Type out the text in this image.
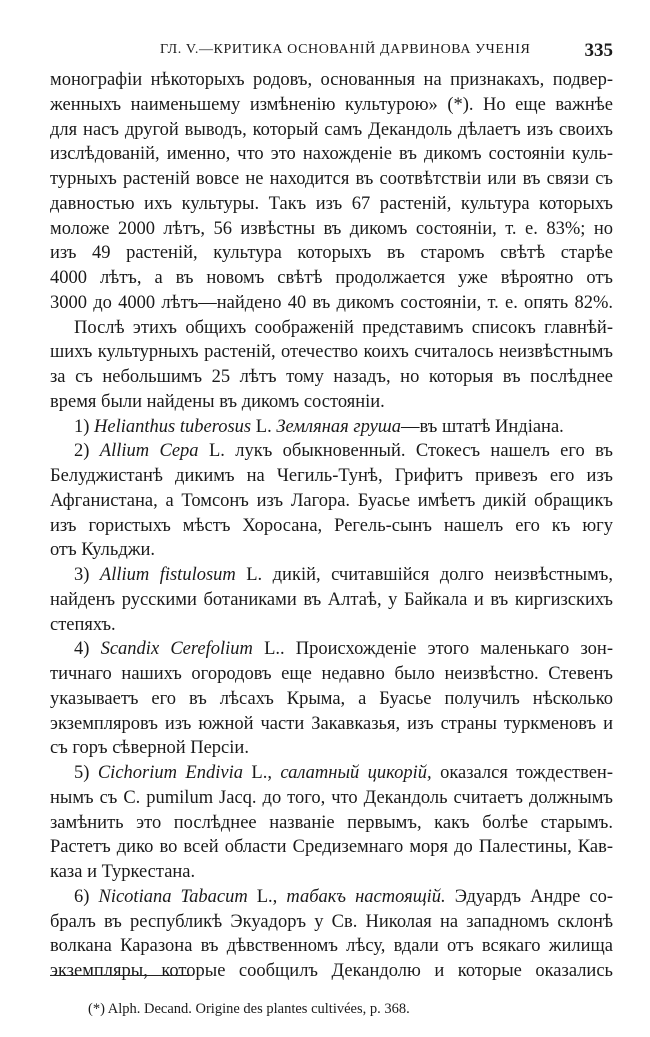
ГЛ. V.—КРИТИКА ОСНОВАНІЙ ДАРВИНОВА УЧЕНІЯ	335
монографіи нѣкоторыхъ родовъ, основанныя на признакахъ, подвер-
женныхъ наименьшему измѣненію культурою» (*). Но еще важнѣе
для насъ другой выводъ, который самъ Декандоль дѣлаетъ изъ своихъ
изслѣдованій, именно, что это нахожденіе въ дикомъ состояніи куль-
турныхъ растеній вовсе не находится въ соотвѣтствіи или въ связи съ
давностью ихъ культуры. Такъ изъ 67 растеній, культура которыхъ
моложе 2000 лѣтъ, 56 извѣстны въ дикомъ состояніи, т. е. 83%; но
изъ 49 растеній, культура которыхъ въ старомъ свѣтѣ старѣе
4000 лѣтъ, а въ новомъ свѣтѣ продолжается уже вѣроятно отъ
3000 до 4000 лѣтъ—найдено 40 въ дикомъ состояніи, т. е. опять 82%.
Послѣ этихъ общихъ соображеній представимъ списокъ главнѣй-
шихъ культурныхъ растеній, отечество коихъ считалось неизвѣстнымъ
за съ небольшимъ 25 лѣтъ тому назадъ, но которыя въ послѣднее
время были найдены въ дикомъ состояніи.
1) Helianthus tuberosus L. Земляная груша—въ штатѣ Индіана.
2) Allium Cepa L. лукъ обыкновенный. Стокесъ нашелъ его въ
Белуджистанѣ дикимъ на Чегиль-Тунѣ, Грифитъ привезъ его изъ
Афганистана, а Томсонъ изъ Лагора. Буасье имѣетъ дикій обращикъ
изъ гористыхъ мѣстъ Хоросана, Регель-сынъ нашелъ его къ югу
отъ Кульджи.
3) Allium fistulosum L. дикій, считавшійся долго неизвѣстнымъ,
найденъ русскими ботаниками въ Алтаѣ, у Байкала и въ киргизскихъ
степяхъ.
4) Scandix Cerefolium L.. Происхожденіе этого маленькаго зон-
тичнаго нашихъ огородовъ еще недавно было неизвѣстно. Стевенъ
указываетъ его въ лѣсахъ Крыма, а Буасье получилъ нѣсколько
экземпляровъ изъ южной части Закавказья, изъ страны туркменовъ и
съ горъ сѣверной Персіи.
5) Cichorium Endivia L., салатный цикорій, оказался тождествен-
нымъ съ C. pumilum Jacq. до того, что Декандоль считаетъ должнымъ
замѣнить это послѣднее названіе первымъ, какъ болѣе старымъ.
Растетъ дико во всей области Средиземнаго моря до Палестины, Кав-
каза и Туркестана.
6) Nicotiana Tabacum L., табакъ настоящій. Эдуардъ Андре со-
бралъ въ республикѣ Экуадоръ у Св. Николая на западномъ склонѣ
волкана Каразона въ дѣвственномъ лѣсу, вдали отъ всякаго жилища
экземпляры, которые сообщилъ Декандолю и которые оказались
(*) Alph. Decand. Origine des plantes cultivées, p. 368.
